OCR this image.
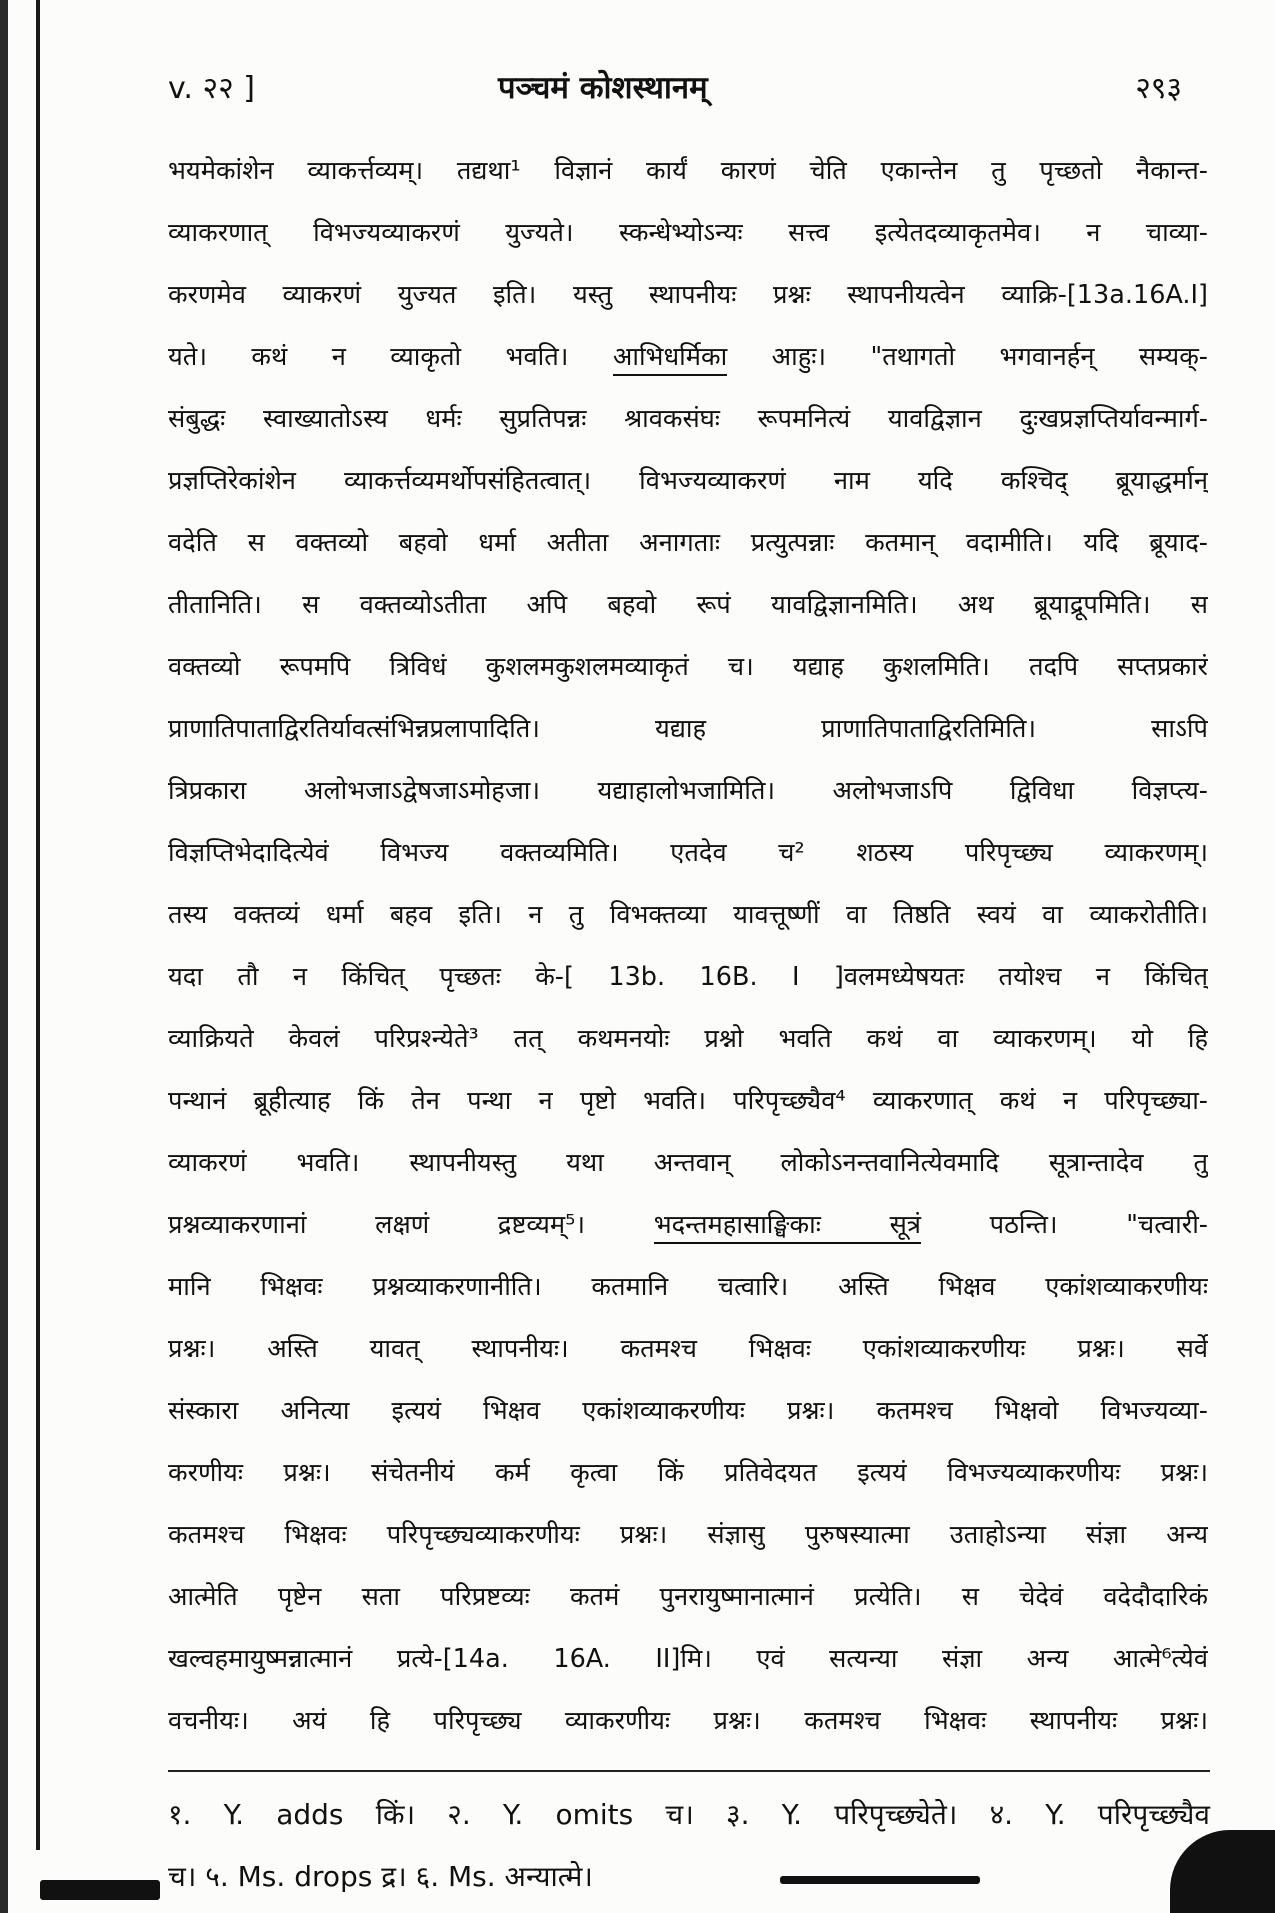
v. २२ ]	पञ्चमं कोशस्थानम्	२९३
भयमेकांशेन व्याकर्त्तव्यम्। तद्यथा¹ विज्ञानं कार्यं कारणं चेति एकान्तेन तु पृच्छतो नैकान्त-
व्याकरणात् विभज्यव्याकरणं युज्यते। स्कन्धेभ्योऽन्यः सत्त्व इत्येतदव्याकृतमेव। न चाव्या-
करणमेव व्याकरणं युज्यत इति। यस्तु स्थापनीयः प्रश्नः स्थापनीयत्वेन व्याक्रि-[13a.16A.I]
यते। कथं न व्याकृतो भवति। आभिधर्मिका आहुः। "तथागतो भगवानर्हन् सम्यक्-
संबुद्धः स्वाख्यातोऽस्य धर्मः सुप्रतिपन्नः श्रावकसंघः रूपमनित्यं यावद्विज्ञान दुःखप्रज्ञप्तिर्यावन्मार्ग-
प्रज्ञप्तिरेकांशेन व्याकर्त्तव्यमर्थोपसंहितत्वात्। विभज्यव्याकरणं नाम यदि कश्चिद् ब्रूयाद्धर्मान्
वदेति स वक्तव्यो बहवो धर्मा अतीता अनागताः प्रत्युत्पन्नाः कतमान् वदामीति। यदि ब्रूयाद-
तीतानिति। स वक्तव्योऽतीता अपि बहवो रूपं यावद्विज्ञानमिति। अथ ब्रूयाद्रूपमिति। स
वक्तव्यो रूपमपि त्रिविधं कुशलमकुशलमव्याकृतं च। यद्याह कुशलमिति। तदपि सप्तप्रकारं
प्राणातिपाताद्विरतिर्यावत्संभिन्नप्रलापादिति। यद्याह प्राणातिपाताद्विरतिमिति। साऽपि
त्रिप्रकारा अलोभजाऽद्वेषजाऽमोहजा। यद्याहालोभजामिति। अलोभजाऽपि द्विविधा विज्ञप्त्य-
विज्ञप्तिभेदादित्येवं विभज्य वक्तव्यमिति। एतदेव च² शठस्य परिपृच्छ्य व्याकरणम्।
तस्य वक्तव्यं धर्मा बहव इति। न तु विभक्तव्या यावत्तूष्णीं वा तिष्ठति स्वयं वा व्याकरोतीति।
यदा तौ न किंचित् पृच्छतः के-[ 13b. 16B. I ]वलमध्येषयतः तयोश्च न किंचित्
व्याक्रियते केवलं परिप्रश्न्येते³ तत् कथमनयोः प्रश्नो भवति कथं वा व्याकरणम्। यो हि
पन्थानं ब्रूहीत्याह किं तेन पन्था न पृष्टो भवति। परिपृच्छ्यैव⁴ व्याकरणात् कथं न परिपृच्छ्या-
व्याकरणं भवति। स्थापनीयस्तु यथा अन्तवान् लोकोऽनन्तवानित्येवमादि सूत्रान्तादेव तु
प्रश्नव्याकरणानां लक्षणं द्रष्टव्यम्⁵। भदन्तमहासाङ्घिकाः सूत्रं पठन्ति। "चत्वारी-
मानि भिक्षवः प्रश्नव्याकरणानीति। कतमानि चत्वारि। अस्ति भिक्षव एकांशव्याकरणीयः
प्रश्नः। अस्ति यावत् स्थापनीयः। कतमश्च भिक्षवः एकांशव्याकरणीयः प्रश्नः। सर्वे
संस्कारा अनित्या इत्ययं भिक्षव एकांशव्याकरणीयः प्रश्नः। कतमश्च भिक्षवो विभज्यव्या-
करणीयः प्रश्नः। संचेतनीयं कर्म कृत्वा किं प्रतिवेदयत इत्ययं विभज्यव्याकरणीयः प्रश्नः।
कतमश्च भिक्षवः परिपृच्छ्यव्याकरणीयः प्रश्नः। संज्ञासु पुरुषस्यात्मा उताहोऽन्या संज्ञा अन्य
आत्मेति पृष्टेन सता परिप्रष्टव्यः कतमं पुनरायुष्मानात्मानं प्रत्येति। स चेदेवं वदेदौदारिकं
खल्वहमायुष्मन्नात्मानं प्रत्ये-[14a. 16A. II]मि। एवं सत्यन्या संज्ञा अन्य आत्मे⁶त्येवं
वचनीयः। अयं हि परिपृच्छ्य व्याकरणीयः प्रश्नः। कतमश्च भिक्षवः स्थापनीयः प्रश्नः।
१. Y. adds किं। २. Y. omits च। ३. Y. परिपृच्छ्येते। ४. Y. परिपृच्छ्यैव
च। ५. Ms. drops द्र। ६. Ms. अन्यात्मे।
